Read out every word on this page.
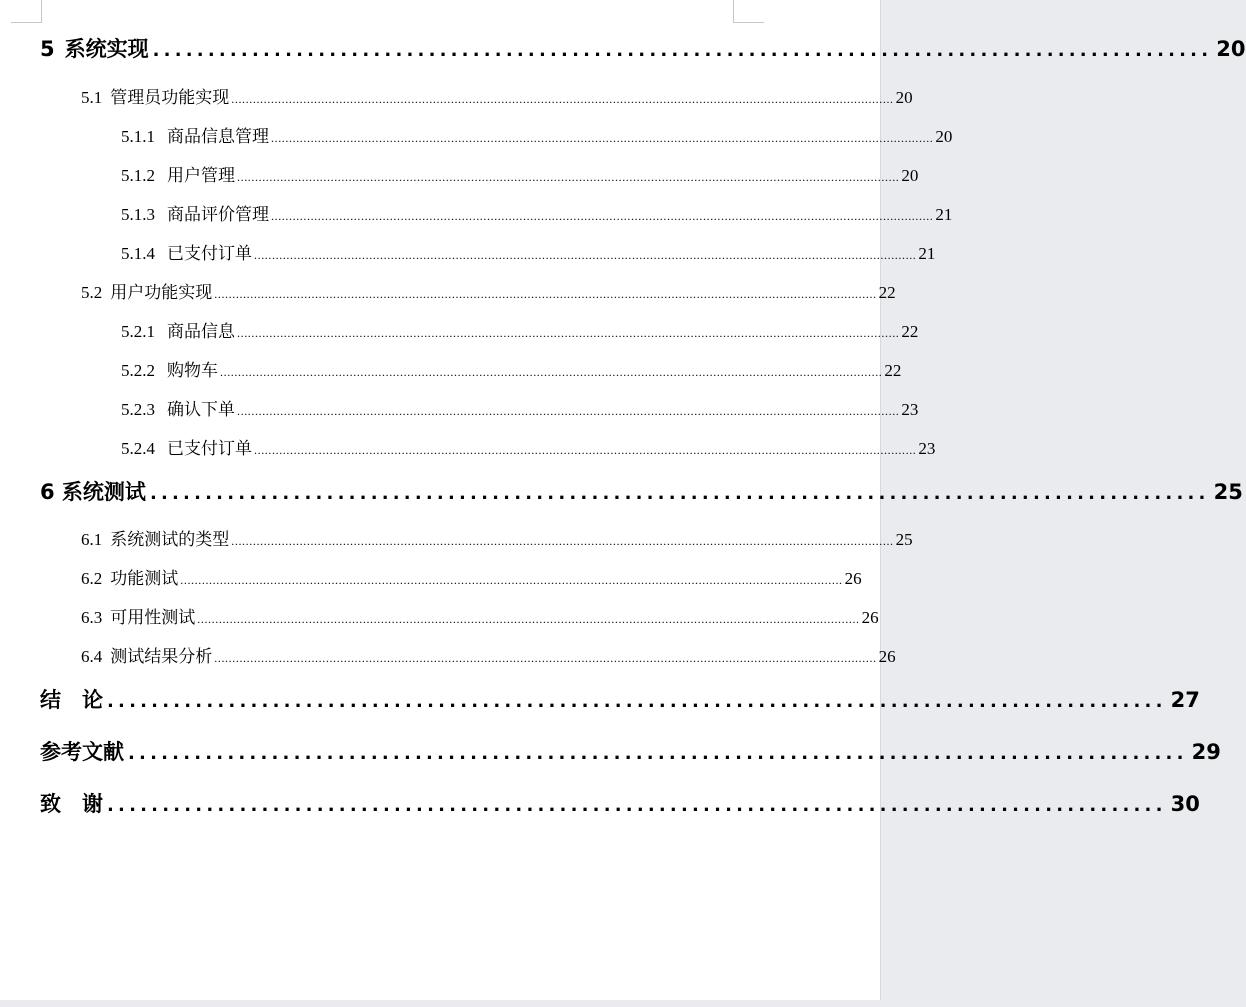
5 系统实现 ................................................................................................ 20
5.1 管理员功能实现 ........................................................................................................................................................................................ 20
5.1.1 商品信息管理 ........................................................................................................................................................................................ 20
5.1.2 用户管理 ........................................................................................................................................................................................ 20
5.1.3 商品评价管理 ........................................................................................................................................................................................ 21
5.1.4 已支付订单 ........................................................................................................................................................................................ 21
5.2 用户功能实现 ........................................................................................................................................................................................ 22
5.2.1 商品信息 ........................................................................................................................................................................................ 22
5.2.2 购物车 ........................................................................................................................................................................................ 22
5.2.3 确认下单 ........................................................................................................................................................................................ 23
5.2.4 已支付订单 ........................................................................................................................................................................................ 23
6 系统测试 ................................................................................................ 25
6.1 系统测试的类型 ........................................................................................................................................................................................ 25
6.2 功能测试 ........................................................................................................................................................................................ 26
6.3 可用性测试 ........................................................................................................................................................................................ 26
6.4 测试结果分析 ........................................................................................................................................................................................ 26
结　论 ................................................................................................ 27
参考文献 ................................................................................................ 29
致　谢 ................................................................................................ 30
